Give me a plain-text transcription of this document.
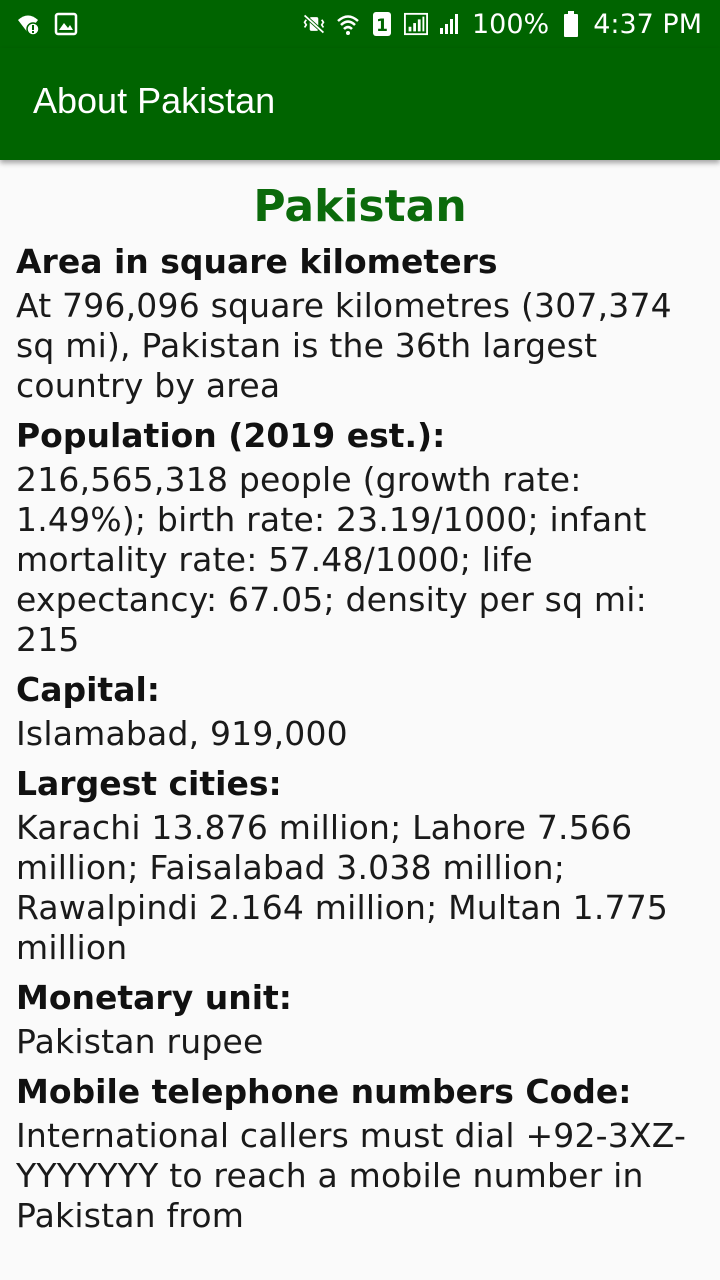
1	100% 4:37 PM
About Pakistan
Pakistan
Area in square kilometers

At 796,096 square kilometres (307,374 sq mi), Pakistan is the 36th largest country by area

Population (2019 est.):

216,565,318 people (growth rate: 1.49%); birth rate: 23.19/1000; infant mortality rate: 57.48/1000; life expectancy: 67.05; density per sq mi: 215

Capital:

Islamabad, 919,000

Largest cities:

Karachi 13.876 million; Lahore 7.566 million; Faisalabad 3.038 million; Rawalpindi 2.164 million; Multan 1.775 million

Monetary unit:

Pakistan rupee

Mobile telephone numbers Code:

International callers must dial +92-3XZ-YYYYYYY to reach a mobile number in Pakistan from
